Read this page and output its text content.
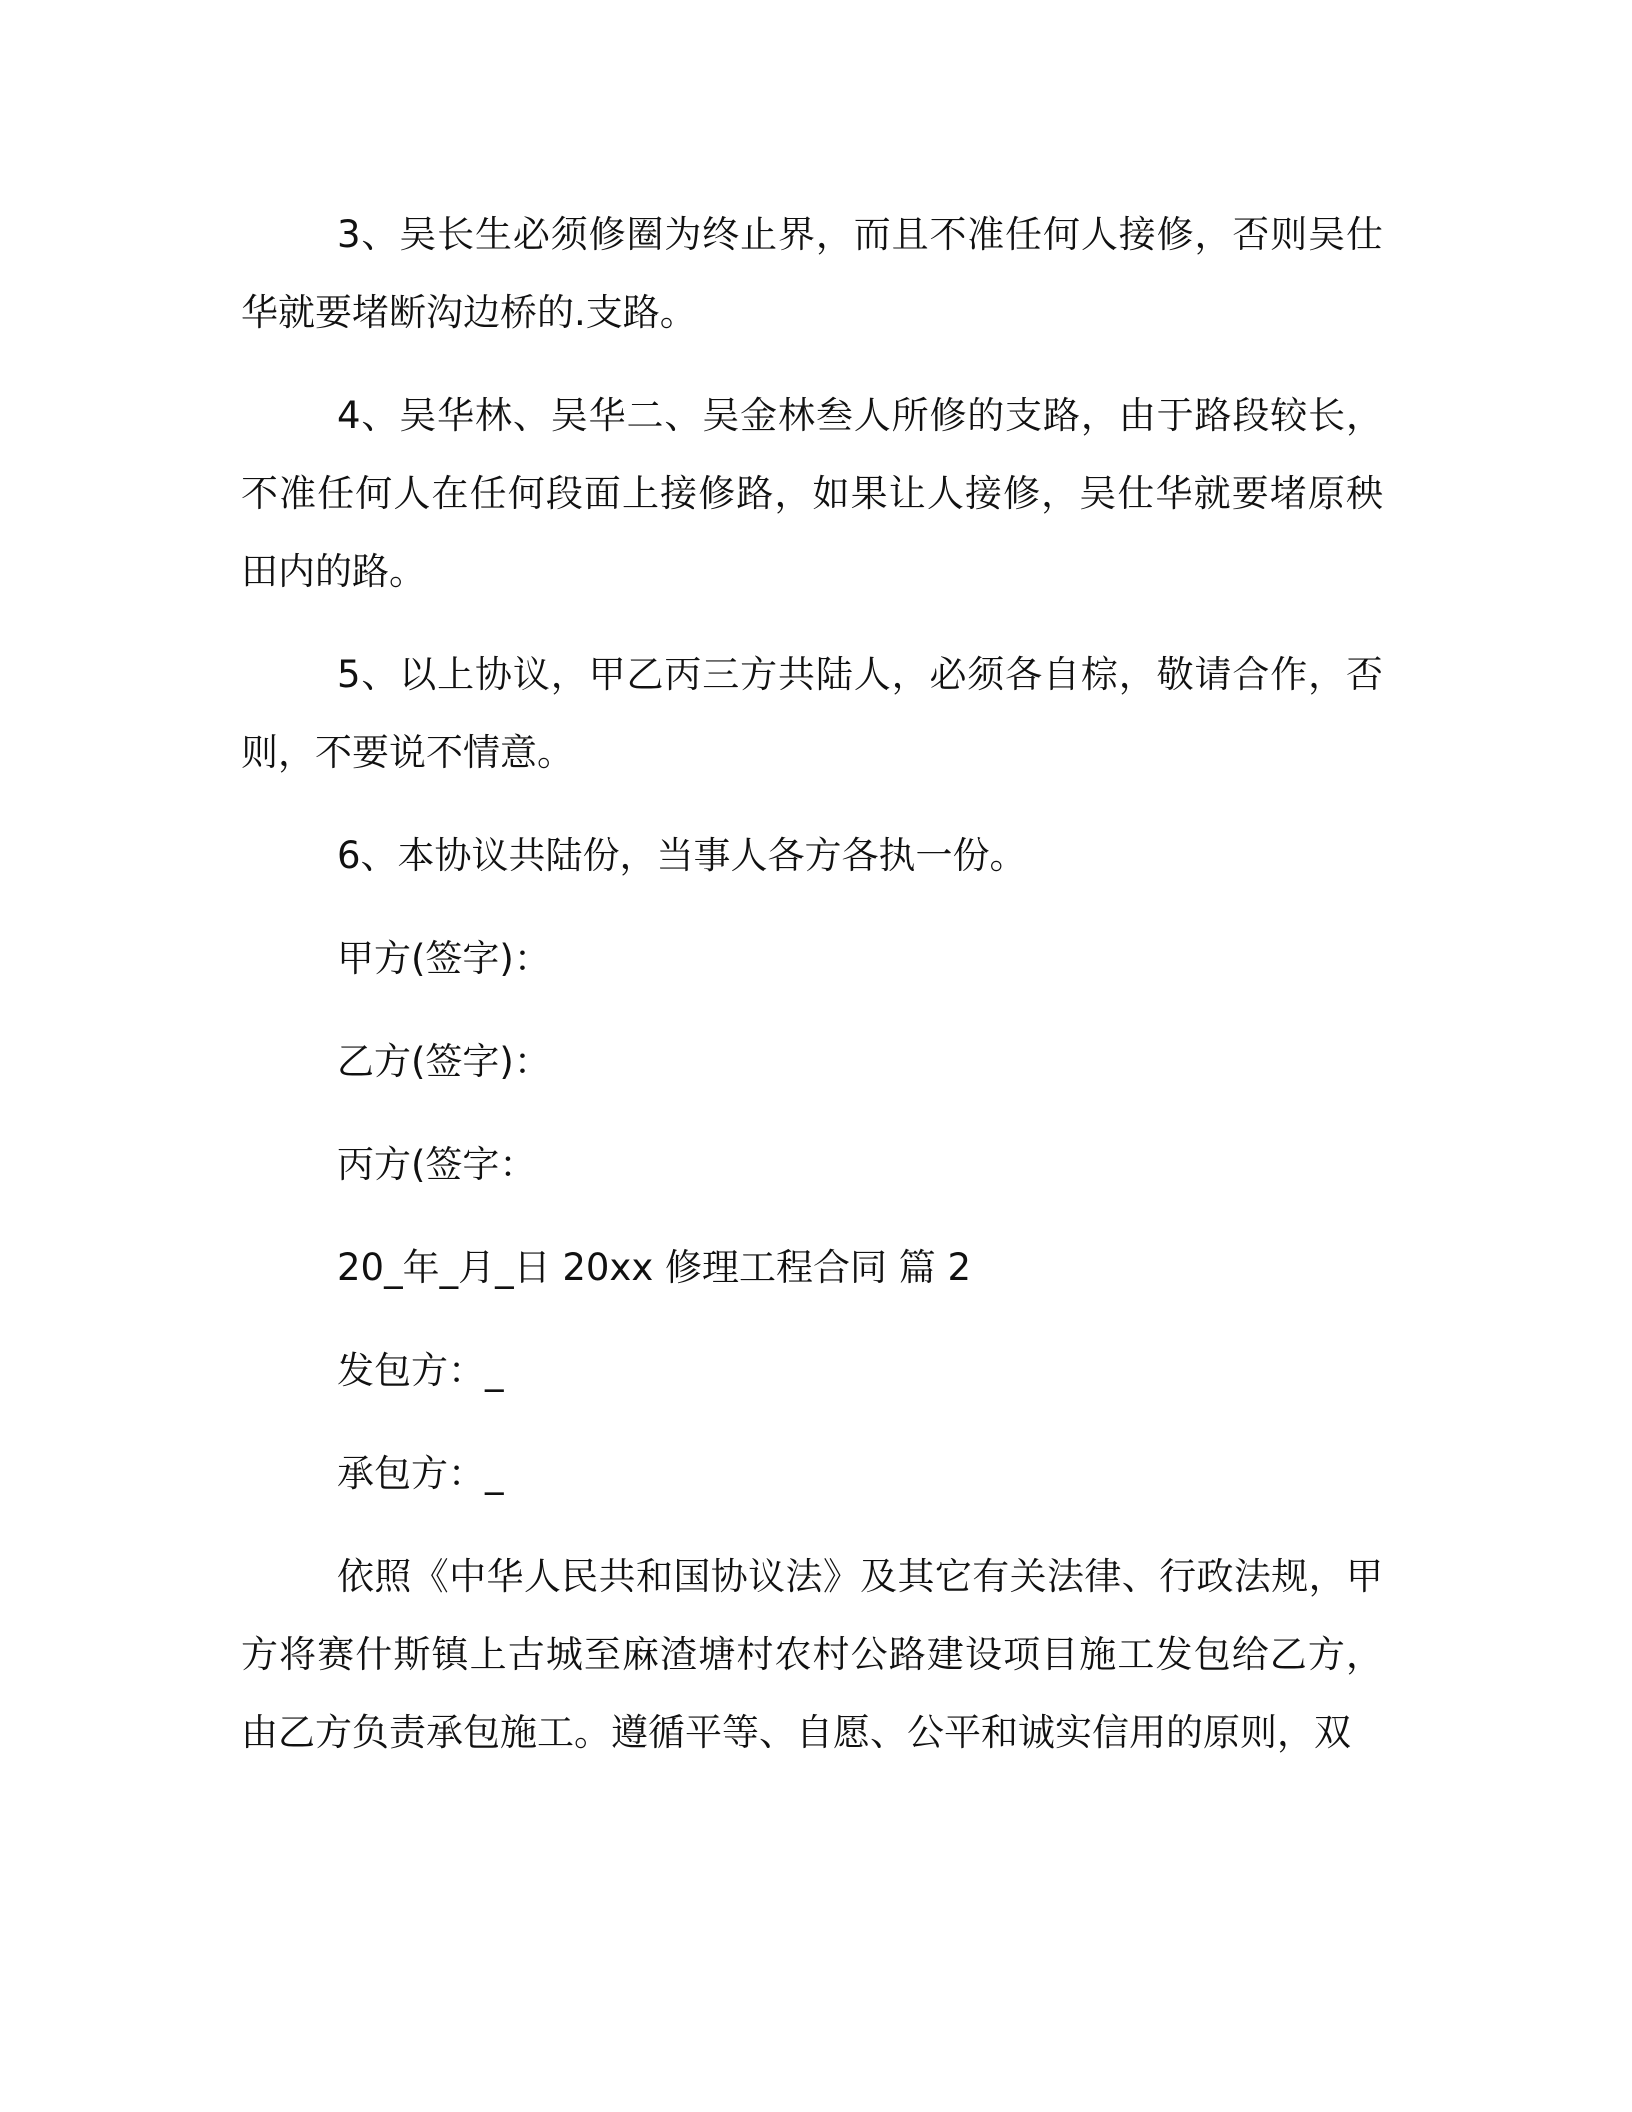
3、吴长生必须修圈为终止界，而且不准任何人接修，否则吴仕华就要堵断沟边桥的.支路。

4、吴华林、吴华二、吴金林叁人所修的支路，由于路段较长，不准任何人在任何段面上接修路，如果让人接修，吴仕华就要堵原秧田内的路。

5、以上协议，甲乙丙三方共陆人，必须各自棕，敬请合作，否则，不要说不情意。

6、本协议共陆份，当事人各方各执一份。

甲方(签字)：

乙方(签字)：

丙方(签字：

20_年_月_日 20xx 修理工程合同 篇 2

发包方：_

承包方：_

依照《中华人民共和国协议法》及其它有关法律、行政法规，甲方将赛什斯镇上古城至麻渣塘村农村公路建设项目施工发包给乙方，由乙方负责承包施工。遵循平等、自愿、公平和诚实信用的原则，双
